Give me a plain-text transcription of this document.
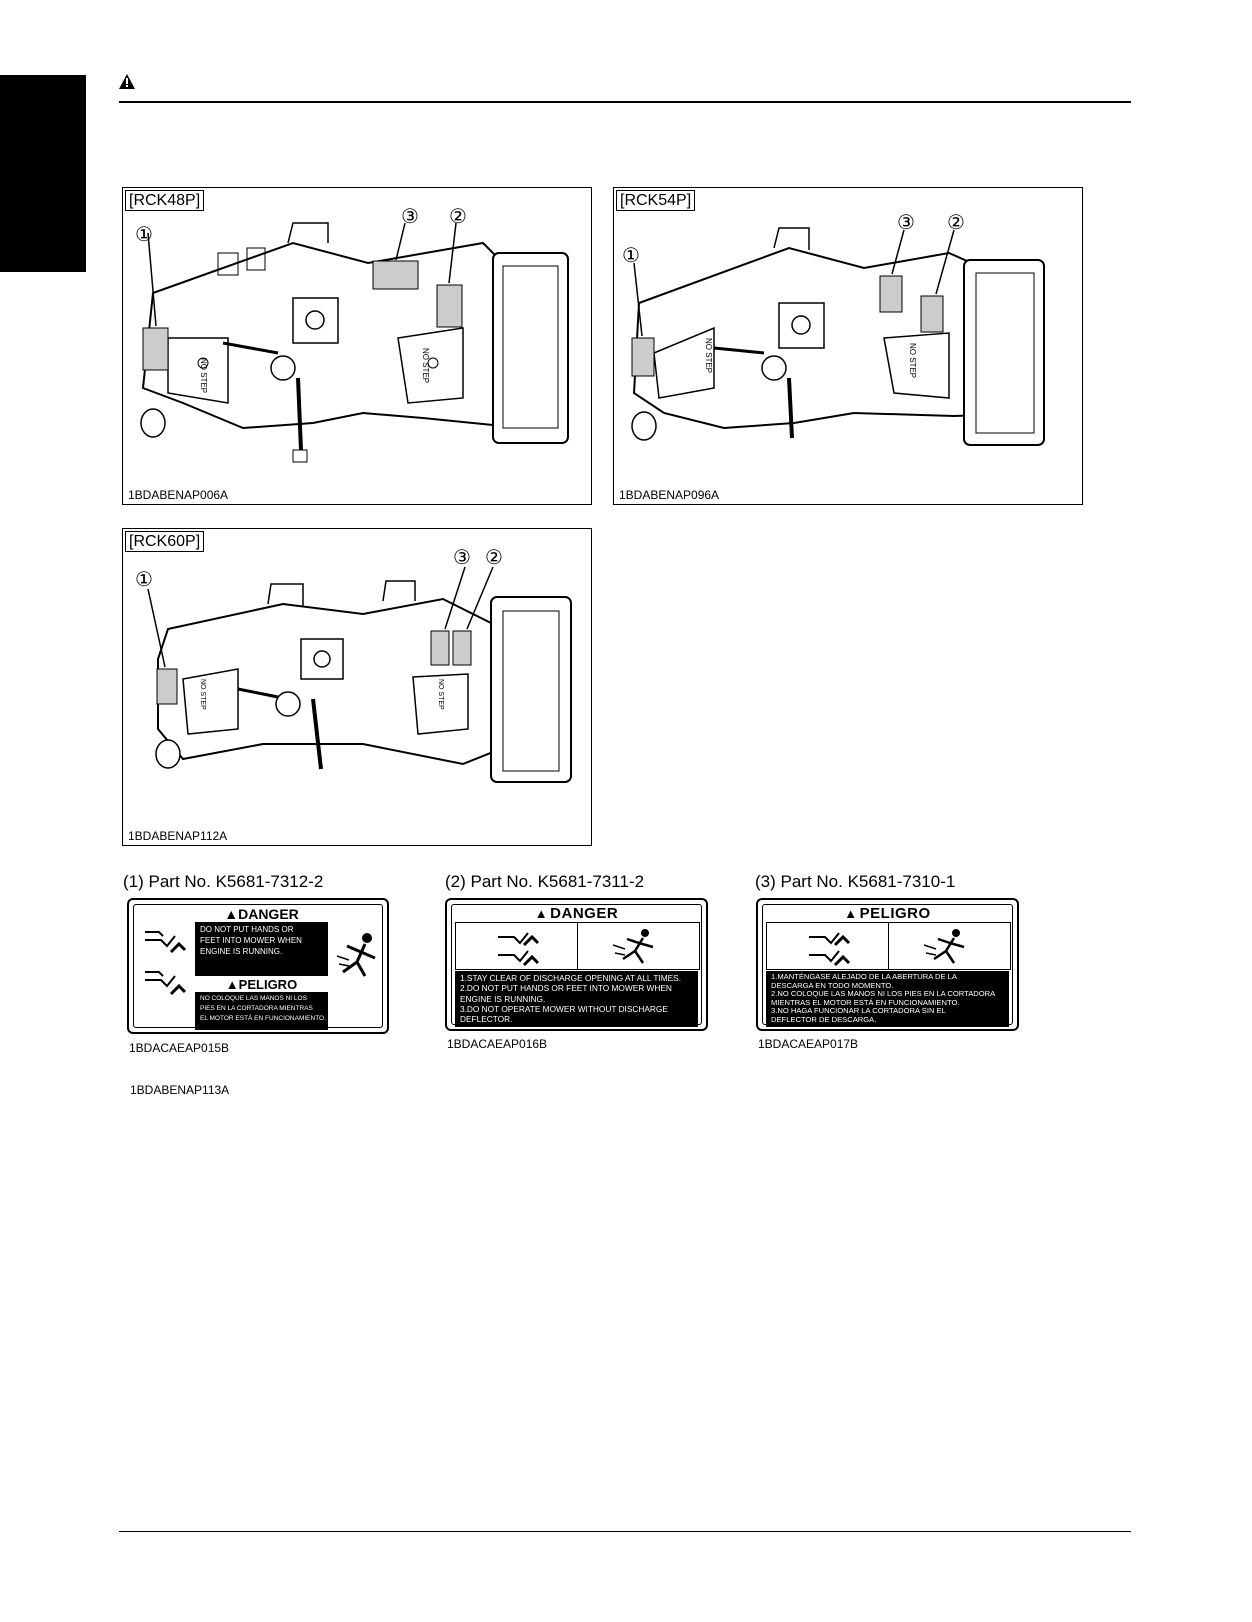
NO STEP	NO STEP
[RCK48P]
①
②
③
1BDABENAP006A
NO STEP	NO STEP
[RCK54P]
①
②
③
1BDABENAP096A
NO STEP	NO STEP
[RCK60P]
①
②
③
1BDABENAP112A
(1) Part No. K5681-7312-2	(2) Part No. K5681-7311-2	(3) Part No. K5681-7310-1
▲DANGER
DO NOT PUT HANDS OR
FEET INTO MOWER WHEN
ENGINE IS RUNNING.
▲PELIGRO
NO COLOQUE LAS MANOS NI LOS
PIES EN LA CORTADORA MIENTRAS
EL MOTOR ESTÁ EN FUNCIONAMIENTO.
▲ DANGER
1.STAY CLEAR OF DISCHARGE OPENING AT ALL TIMES.
2.DO NOT PUT HANDS OR FEET INTO MOWER WHEN
ENGINE IS RUNNING.
3.DO NOT OPERATE MOWER WITHOUT DISCHARGE
DEFLECTOR.
▲ PELIGRO
1.MANTÉNGASE ALEJADO DE LA ABERTURA DE LA
DESCARGA EN TODO MOMENTO.
2.NO COLOQUE LAS MANOS NI LOS PIES EN LA CORTADORA
MIENTRAS EL MOTOR ESTÁ EN FUNCIONAMIENTO.
3.NO HAGA FUNCIONAR LA CORTADORA SIN EL
DEFLECTOR DE DESCARGA.
1BDACAEAP015B	1BDACAEAP016B	1BDACAEAP017B
1BDABENAP113A
